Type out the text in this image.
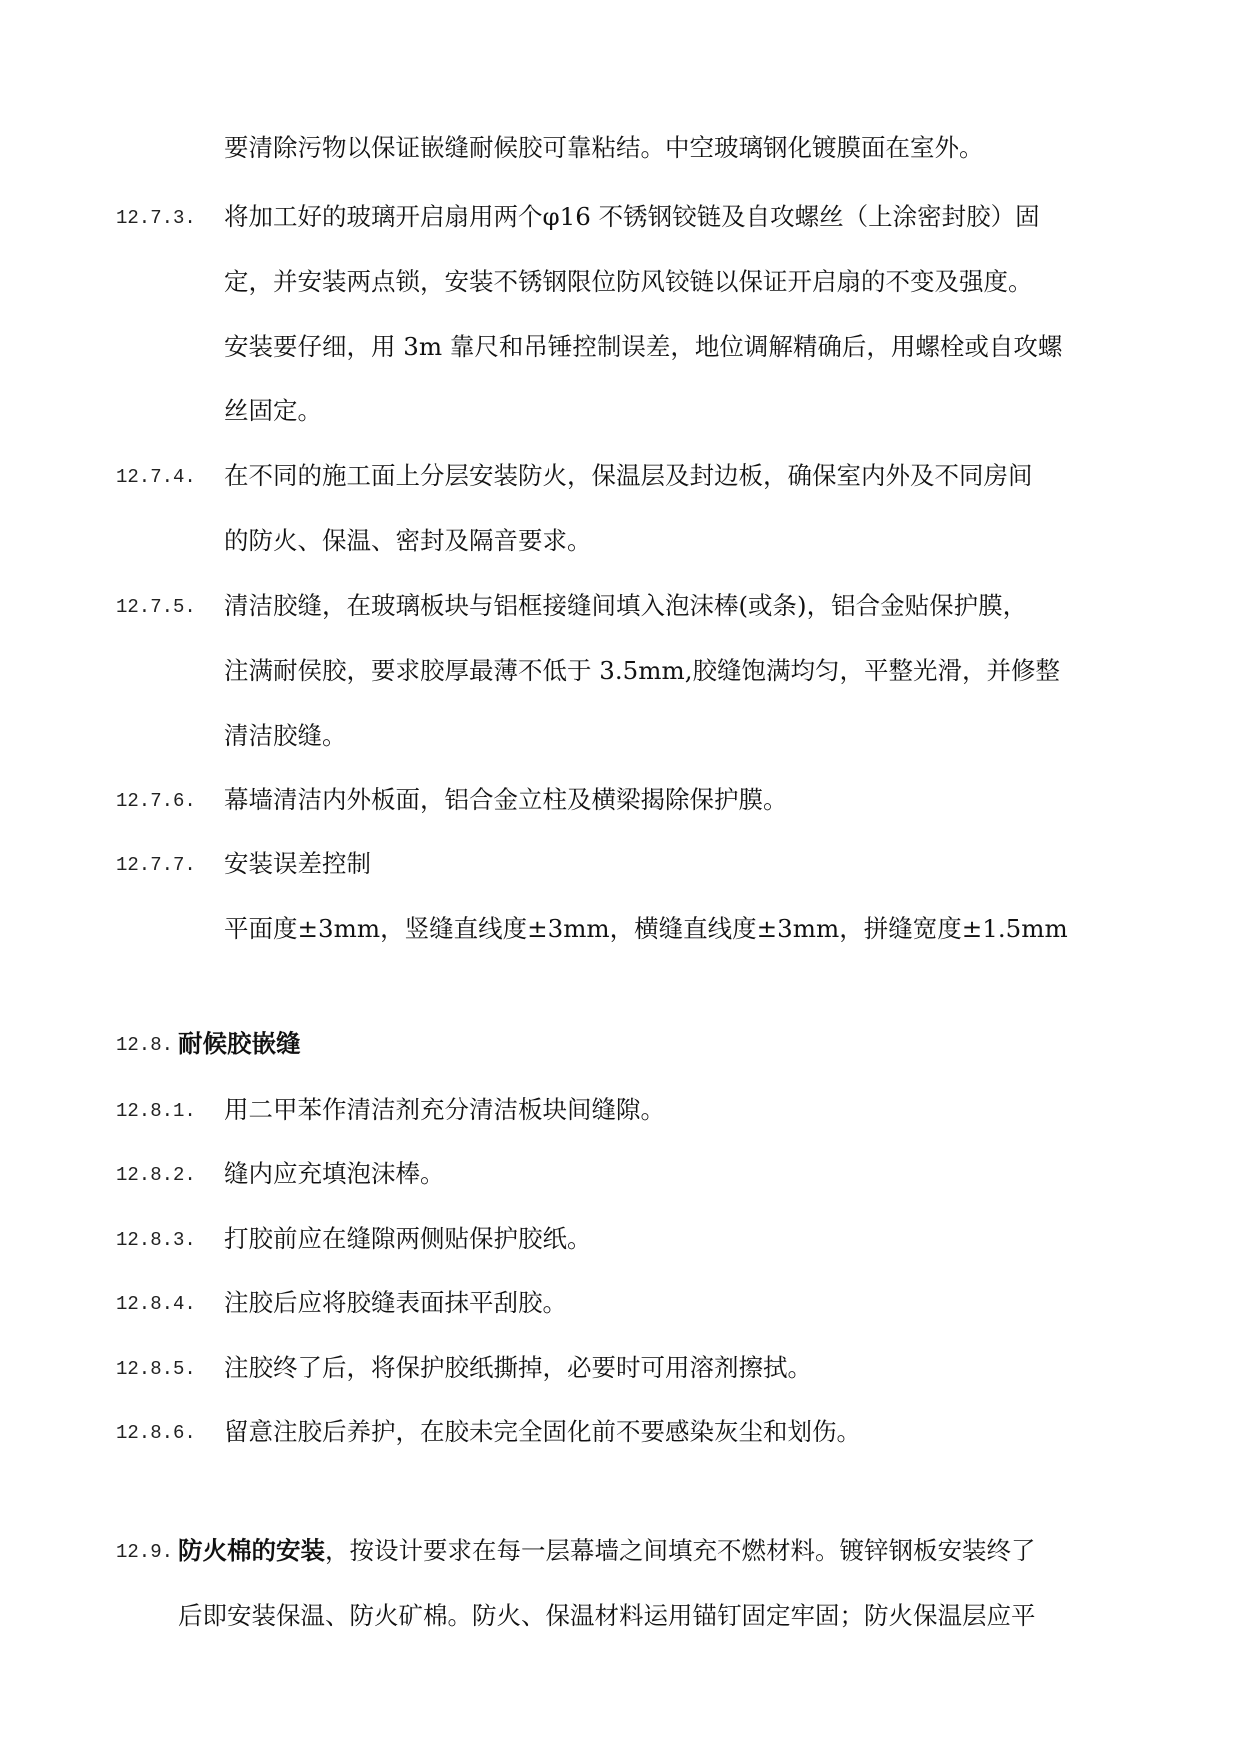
要清除污物以保证嵌缝耐候胶可靠粘结。中空玻璃钢化镀膜面在室外。
12.7.3. 将加工好的玻璃开启扇用两个φ16 不锈钢铰链及自攻螺丝（上涂密封胶）固
定，并安装两点锁，安装不锈钢限位防风铰链以保证开启扇的不变及强度。
安装要仔细，用 3m 靠尺和吊锤控制误差，地位调解精确后，用螺栓或自攻螺
丝固定。
12.7.4. 在不同的施工面上分层安装防火，保温层及封边板，确保室内外及不同房间
的防火、保温、密封及隔音要求。
12.7.5. 清洁胶缝，在玻璃板块与铝框接缝间填入泡沫棒(或条)，铝合金贴保护膜，
注满耐侯胶，要求胶厚最薄不低于 3.5mm,胶缝饱满均匀，平整光滑，并修整
清洁胶缝。
12.7.6. 幕墙清洁内外板面，铝合金立柱及横梁揭除保护膜。
12.7.7. 安装误差控制
平面度±3mm，竖缝直线度±3mm，横缝直线度±3mm，拼缝宽度±1.5mm
12.8. 耐候胶嵌缝
12.8.1. 用二甲苯作清洁剂充分清洁板块间缝隙。
12.8.2. 缝内应充填泡沫棒。
12.8.3. 打胶前应在缝隙两侧贴保护胶纸。
12.8.4. 注胶后应将胶缝表面抹平刮胶。
12.8.5. 注胶终了后，将保护胶纸撕掉，必要时可用溶剂擦拭。
12.8.6. 留意注胶后养护，在胶未完全固化前不要感染灰尘和划伤。
12.9. 防火棉的安装，按设计要求在每一层幕墙之间填充不燃材料。镀锌钢板安装终了
后即安装保温、防火矿棉。防火、保温材料运用锚钉固定牢固；防火保温层应平
